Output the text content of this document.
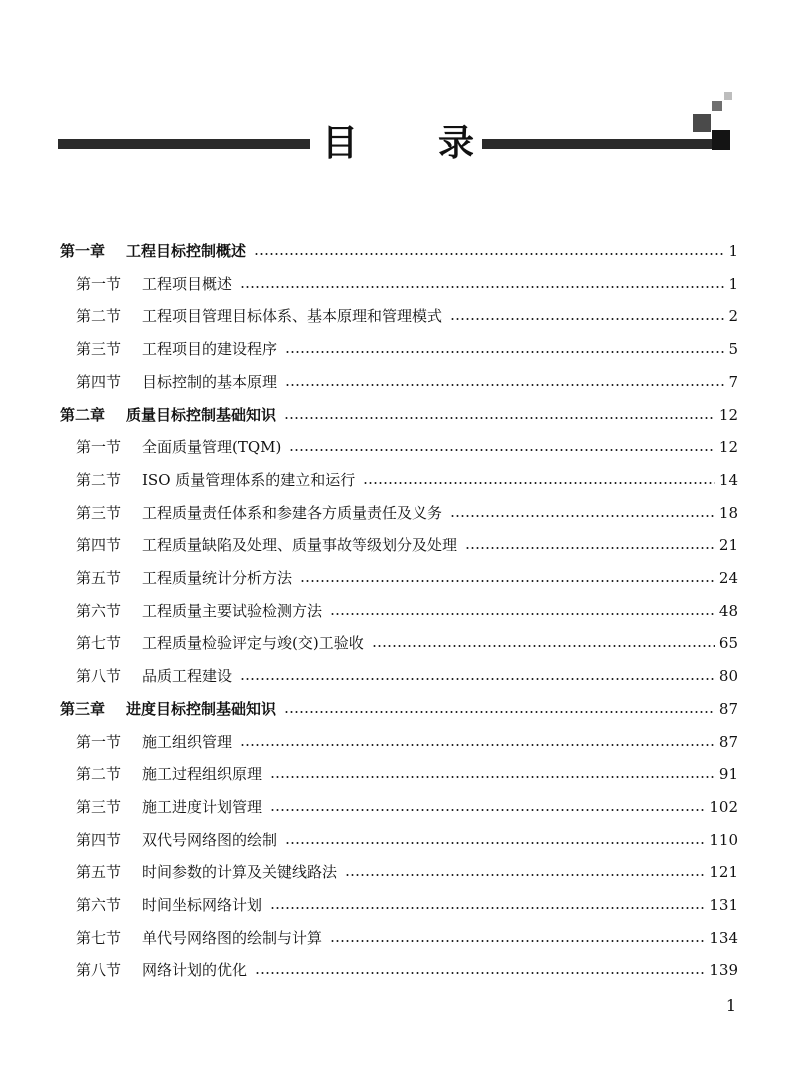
目 录
第一章	工程目标控制概述	1
第一节	工程项目概述	1
第二节	工程项目管理目标体系、基本原理和管理模式	2
第三节	工程项目的建设程序	5
第四节	目标控制的基本原理	7
第二章	质量目标控制基础知识	12
第一节	全面质量管理(TQM)	12
第二节	ISO 质量管理体系的建立和运行	14
第三节	工程质量责任体系和参建各方质量责任及义务	18
第四节	工程质量缺陷及处理、质量事故等级划分及处理	21
第五节	工程质量统计分析方法	24
第六节	工程质量主要试验检测方法	48
第七节	工程质量检验评定与竣(交)工验收	65
第八节	品质工程建设	80
第三章	进度目标控制基础知识	87
第一节	施工组织管理	87
第二节	施工过程组织原理	91
第三节	施工进度计划管理	102
第四节	双代号网络图的绘制	110
第五节	时间参数的计算及关键线路法	121
第六节	时间坐标网络计划	131
第七节	单代号网络图的绘制与计算	134
第八节	网络计划的优化	139
1
